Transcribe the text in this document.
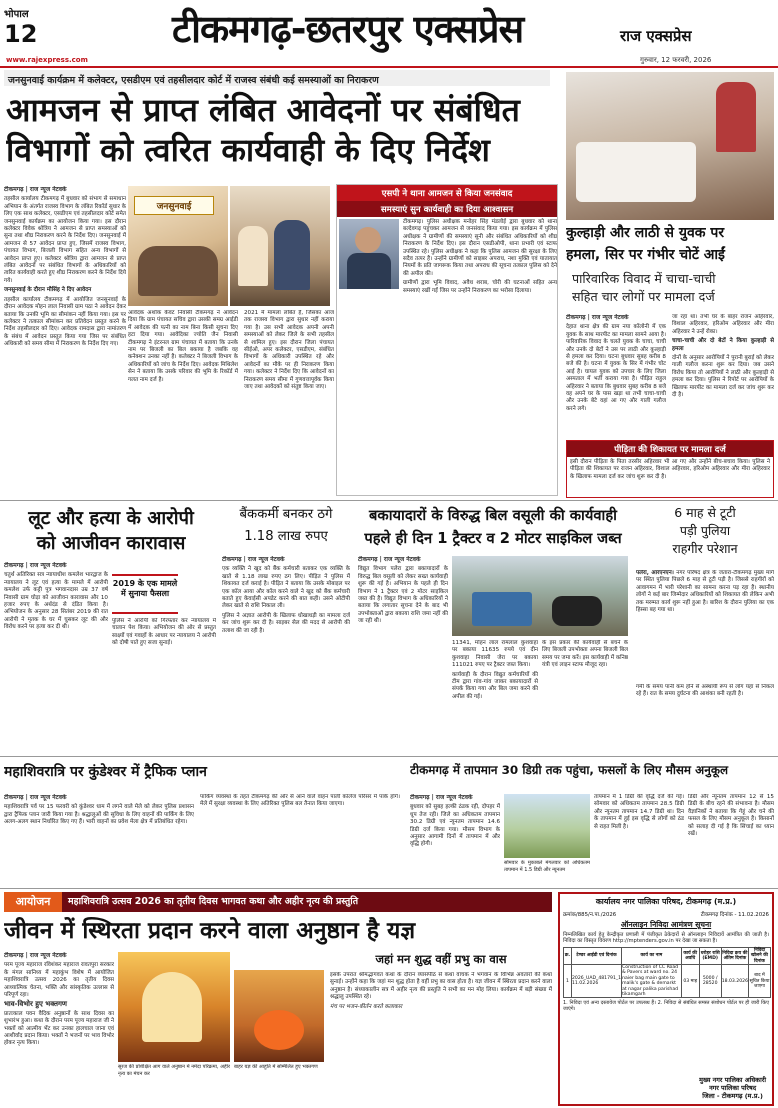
भोपाल
12	टीकमगढ़-छतरपुर एक्सप्रेस	राज एक्सप्रेस
www.rajexpress.com	गुरुवार, 12 फरवरी, 2026
जनसुनवाई कार्यक्रम में कलेक्टर, एसडीएम एवं तहसीलदार कोर्ट में राजस्व संबंधी कई समस्याओं का निराकरण
आमजन से प्राप्त लंबित आवेदनों पर संबंधित
विभागों को त्वरित कार्यवाही के दिए निर्देश
टीकमगढ़ | राज न्यूज नेटवर्क

तहसील कार्यालय टीकमगढ़ में बुधवार को संभाग से समाधान अभियान के अंतर्गत राजस्व विभाग के लंबित रिकॉर्ड सुधार के लिए एक साथ कलेक्टर, एसडीएम एवं तहसीलदार कोर्ट समेत जनसुनवाई कार्यक्रम का आयोजन किया गया। इस दौरान कलेक्टर विवेक श्रोत्रिय ने आमजन से प्राप्त समस्याओं को सुना तथा शीघ्र निराकरण करने के निर्देश दिए। जनसुनवाई में आमजन से 57 आवेदन प्राप्त हुए, जिसमें राजस्व विभाग, पंचायत विभाग, बिजली विभाग सहित अन्य विभागों से आवेदन प्राप्त हुए। कलेक्टर श्रोत्रिय द्वारा आमजन से प्राप्त लंबित आवेदनों पर संबंधित विभागों के अधिकारियों को त्वरित कार्यवाही करते हुए शीघ्र निराकरण करने के निर्देश दिये गये।

जनसुनवाई के दौरान मौसिंह ने दिए आवेदन

तहसील कार्यालय टीकमगढ़ में आयोजित जनसुनवाई के दौरान आवेदक मोहन लाल निवासी ग्राम पठा ने आवेदन देकर बताया कि उनकी भूमि का सीमांकन नहीं किया गया। इस पर कलेक्टर ने तत्काल सीमांकन कर प्रतिवेदन प्रस्तुत करने के निर्देश तहसीलदार को दिए। आवेदक रामदास द्वारा नामांतरण के संबंध में आवेदन प्रस्तुत किया गया जिस पर संबंधित अधिकारी को समय सीमा में निराकरण के निर्देश दिए गए।

जनसुनवाई

आवेदक अशोक केवट निवासी टीकमगढ़ ने आवेदन दिया कि ग्राम पंचायत सचिव द्वारा उसकी समग्र आईडी में आवेदक की पत्नी का नाम बिना किसी सूचना दिए हटा दिया गया। आवेदिका ज्योति जैन निवासी टीकमगढ़ ने इंटरनल ग्राम पंचायत में बताया कि उनके नाम पर बिजली का बिल बकाया है जबकि वह कनेक्शन उनका नहीं है। कलेक्टर ने बिजली विभाग के अधिकारियों को जांच के निर्देश दिए। आवेदक मिथिलेश सेन ने बताया कि उसके परिवार की भूमि के रिकॉर्ड में गलत नाम दर्ज है।

2021 में मामला लंबित है, जिसका आज तक राजस्व विभाग द्वारा सुधार नहीं कराया गया है। उस सभी आवेदक अपनी अपनी समस्याओं को लेकर जिले के सभी तहसील से शामिल हुए। इस दौरान जिला पंचायत सीईओ, अपर कलेक्टर, एसडीएम, संबंधित विभागों के अधिकारी उपस्थित रहे और आवेदनों का मौके पर ही निराकरण किया गया। कलेक्टर ने निर्देश दिए कि आवेदनों का निराकरण समय सीमा में गुणवत्तापूर्वक किया जाए तथा आवेदकों को संतुष्ट किया जाए।

एसपी ने थाना आमजन से किया जनसंवाद
समस्याएं सुन कार्यवाही का दिया आश्वासन

टीकमगढ़। पुलिस अधीक्षक मनोहर सिंह मंडलोई द्वारा बुधवार को थाना बल्देवगढ़ पहुंचकर आमजन से जनसंवाद किया गया। इस कार्यक्रम में पुलिस अधीक्षक ने ग्रामीणों की समस्याएं सुनी और संबंधित अधिकारियों को शीघ्र निराकरण के निर्देश दिए। इस दौरान एसडीओपी, थाना प्रभारी एवं स्टाफ उपस्थित रहे। पुलिस अधीक्षक ने कहा कि पुलिस आमजन की सुरक्षा के लिए सदैव तत्पर है। उन्होंने ग्रामीणों को साइबर अपराध, नशा मुक्ति एवं यातायात नियमों के प्रति जागरूक किया तथा अपराध की सूचना तत्काल पुलिस को देने की अपील की।

ग्रामीणों द्वारा भूमि विवाद, अवैध शराब, चोरी की घटनाओं सहित अन्य समस्याएं रखीं गईं जिस पर उन्होंने निराकरण का भरोसा दिलाया।

कुल्हाड़ी और लाठी से युवक पर
हमला, सिर पर गंभीर चोटें आईं
पारिवारिक विवाद में चाचा-चाची
सहित चार लोगों पर मामला दर्ज
टीकमगढ़ | राज न्यूज नेटवर्क

देहात थाना क्षेत्र की ग्राम नया कॉलोनी में एक युवक के साथ मारपीट का मामला सामने आया है। पारिवारिक विवाद के चलते युवक के चाचा, चाची और उनके दो बेटों ने उस पर लाठी और कुल्हाड़ी से हमला कर दिया। घटना बुधवार सुबह करीब 8 बजे की है। घटना में युवक के सिर में गंभीर चोट आई है। घायल युवक को उपचार के लिए जिला अस्पताल में भर्ती कराया गया है। पीड़ित राहुल अहिरवार ने बताया कि बुधवार सुबह करीब 8 बजे वह अपने घर के पास खड़ा था तभी चाचा-चाची और उनके बेटे वहां आ गए और गाली गलौज करने लगे।

जा रहा था। तभी घर के बाहर राजन अहिरवार, विशाल अहिरवार, हरिओम अहिरवार और मीरा अहिरवार ने उन्हें रोका।

चाचा-चाची और दो बेटों ने किया कुल्हाड़ी से हमला

दोनों के अनुसार आरोपियों ने पुरानी बुराई को लेकर गाली गलौज करना शुरू कर दिया। जब उसने विरोध किया तो आरोपियों ने लाठी और कुल्हाड़ी से हमला कर दिया। पुलिस ने रिपोर्ट पर आरोपियों के खिलाफ मारपीट का मामला दर्ज कर जांच शुरू कर दी है।

पीड़िता की शिकायत पर मामला दर्ज
इसी दौरान पीड़िता के पिता तरसीर अहिरवार भी आ गए और उन्होंने बीच-बचाव किया। पुलिस ने पीड़िता की शिकायत पर राजन अहिरवार, विशाल अहिरवार, हरिओम अहिरवार और मीरा अहिरवार के खिलाफ मामला दर्ज कर जांच शुरू कर दी है।
लूट और हत्या के आरोपी
को आजीवन कारावास
टीकमगढ़ | राज न्यूज नेटवर्क

चतुर्थ अतिरिक्त सत्र न्यायाधीश कमलेश भारद्वाज के न्यायालय ने लूट एवं हत्या के मामले में आरोपी कमलेश उर्फ कट्टी पुत्र भगवानदास उम्र 37 वर्ष निवासी ग्राम घोड़ा को आजीवन कारावास और 10 हजार रुपए के अर्थदंड से दंडित किया है। अभियोजन के अनुसार 28 सितंबर 2019 की रात आरोपी ने मृतक के घर में घुसकर लूट की और विरोध करने पर हत्या कर दी थी।

2019 के एक मामले में सुनाया फैसला

पुलिस ने आरोपी को गिरफ्तार कर न्यायालय में चालान पेश किया। अभियोजन की ओर से प्रस्तुत साक्ष्यों एवं गवाहों के आधार पर न्यायालय ने आरोपी को दोषी पाते हुए सजा सुनाई।

बैंककर्मी बनकर ठगे
1.18 लाख रुपए
टीकमगढ़ | राज न्यूज नेटवर्क

एक व्यक्ति ने खुद को बैंक कर्मचारी बताकर एक व्यक्ति के खाते से 1.18 लाख रुपए ठग लिए। पीड़ित ने पुलिस में शिकायत दर्ज कराई है। पीड़ित ने बताया कि उसके मोबाइल पर एक कॉल आया और कॉल करने वाले ने खुद को बैंक कर्मचारी बताते हुए केवाईसी अपडेट करने की बात कही। उसने ओटीपी लेकर खाते से राशि निकाल ली।

पुलिस ने अज्ञात आरोपी के खिलाफ धोखाधड़ी का मामला दर्ज कर जांच शुरू कर दी है। साइबर सेल की मदद से आरोपी की तलाश की जा रही है।

बकायादारों के विरुद्ध बिल वसूली की कार्यवाही
पहले ही दिन 1 ट्रैक्टर व 2 मोटर साइकिल जब्त
टीकमगढ़ | राज न्यूज नेटवर्क

विद्युत विभाग पलेरा द्वारा बकायादारों के विरुद्ध बिल वसूली को लेकर सख्त कार्यवाही शुरू की गई है। अभियान के पहले ही दिन विभाग ने 1 ट्रैक्टर एवं 2 मोटर साइकिल जब्त की है। विद्युत विभाग के अधिकारियों ने बताया कि लगातार सूचना देने के बाद भी उपभोक्ताओं द्वारा बकाया राशि जमा नहीं की जा रही थी।

11341, मोहन लाल रामलाल कुशवाहा पर बकाया 11635 रुपये एवं दीन कुशवाहा निवासी जेरा पर बकाया 111021 रुपए पर ट्रैक्टर जब्त किया।

कार्यवाही के दौरान विद्युत कर्मचारियों की टीम द्वारा गांव-गांव जाकर बकायादारों से संपर्क किया गया और बिल जमा करने की अपील की गई।

के इस प्रकार की कार्यवाही से बचने के लिए बिजली उपभोक्ता अपना बिजली बिल समय पर जमा करें। इस कार्यवाही में कनिष्ठ यंत्री एवं लाइन स्टाफ मौजूद रहा।

6 माह से टूटी
पड़ी पुलिया
राहगीर परेशान
पलेरा, आरएनएन। नगर परिषद क्षेत्र के जतारा-टीकमगढ़ मुख्य मार्ग पर स्थित पुलिया पिछले 6 माह से टूटी पड़ी है। जिससे राहगीरों को आवागमन में भारी परेशानी का सामना करना पड़ रहा है। स्थानीय लोगों ने कई बार जिम्मेदार अधिकारियों को शिकायत की लेकिन अभी तक मरम्मत कार्य शुरू नहीं हुआ है। बारिश के दौरान पुलिया का एक हिस्सा बह गया था।

गर्मी के समय पानी कम होने से अस्थायी रूप से लोग यहां से निकल रहे हैं। रात के समय दुर्घटना की आशंका बनी रहती है।

महाशिवरात्रि पर कुंडेश्वर में ट्रैफिक प्लान
टीकमगढ़ | राज न्यूज नेटवर्क

महाशिवरात्रि पर्व पर 15 फरवरी को कुंडेश्वर धाम में लगने वाले मेले को लेकर पुलिस प्रशासन द्वारा ट्रैफिक प्लान जारी किया गया है। श्रद्धालुओं की सुविधा के लिए वाहनों की पार्किंग के लिए अलग-अलग स्थान निर्धारित किए गए हैं। भारी वाहनों का प्रवेश मेला क्षेत्र में प्रतिबंधित रहेगा।

पार्किंग व्यवस्था के तहत टीकमगढ़ की ओर से आने वाले वाहन पाली कॉलेज परिसर में पार्क होंगे। मेले में सुरक्षा व्यवस्था के लिए अतिरिक्त पुलिस बल तैनात किया जाएगा।

टीकमगढ़ में तापमान 30 डिग्री तक पहुंचा, फसलों के लिए मौसम अनुकूल
टीकमगढ़ | राज न्यूज नेटवर्क

बुधवार को सुबह हल्की ठंडक रही, दोपहर में धूप तेज रही। जिले का अधिकतम तापमान 30.2 डिग्री एवं न्यूनतम तापमान 14.6 डिग्री दर्ज किया गया। मौसम विभाग के अनुसार आगामी दिनों में तापमान में और वृद्धि होगी।

सोमवार के मुकाबले मंगलवार को अधिकतम तापमान में 1.5 डिग्री और न्यूनतम

तापमान में 1 डिग्री की वृद्धि दर्ज की गई। सोमवार को अधिकतम तापमान 28.5 डिग्री और न्यूनतम तापमान 14.7 डिग्री था। दिन के तापमान में हुई इस वृद्धि से लोगों को ठंड से राहत मिली है।

डिग्री और न्यूनतम तापमान 12 से 15 डिग्री के बीच रहने की संभावना है। मौसम वैज्ञानिकों ने बताया कि गेहूं और चने की फसल के लिए मौसम अनुकूल है। किसानों को सलाह दी गई है कि सिंचाई का ध्यान रखें।

आयोजन	महाशिवरात्रि उत्सव 2026 का तृतीय दिवस भागवत कथा और अहीर नृत्य की प्रस्तुति
जीवन में स्थिरता प्रदान करने वाला अनुष्ठान है यज्ञ
टीकमगढ़ | राज न्यूज नेटवर्क

परम पूज्य महाराज रविशंकर महाराज रावतपुरा सरकार के मंगल सानिध्य में महाकुंभ विशेष में आयोजित महाशिवरात्रि उत्सव 2026 का तृतीय दिवस आध्यात्मिक चेतना, भक्ति और सांस्कृतिक उल्लास से परिपूर्ण रहा।

भाव-विभोर हुए भक्तगण

प्रातःकाल पवन वैदिक अनुष्ठानों के साथ दिवस का शुभारंभ हुआ। कथा के दौरान परम पूज्य महाराज जी ने भक्तों को आत्मीय भेंट कर उनका हालचाल जाना एवं आशीर्वाद प्रदान किया। भक्तों ने भजनों पर भाव विभोर होकर नृत्य किया।

सूरज की प्रशिक्षित आग वाले अनुष्ठान में नर्मदा परिक्रमा, अहीर नृत्य का मंचन कर
बाहर यज्ञ की आहुति में सम्मिलित हुए भक्तगण
जहां मन शुद्ध वहीं प्रभु का वास

इसके उपरांत श्रीमद्भागवत कथा के दौरान व्यासपीठ से कथा वाचक ने भगवान के विभिन्न अवतारों की कथा सुनाई। उन्होंने कहा कि जहां मन शुद्ध होता है वहीं प्रभु का वास होता है। यज्ञ जीवन में स्थिरता प्रदान करने वाला अनुष्ठान है। संध्याकालीन सत्र में अहीर नृत्य की प्रस्तुति ने सभी का मन मोह लिया। कार्यक्रम में बड़ी संख्या में श्रद्धालु उपस्थित रहे।

मंच पर भजन-कीर्तन करते कलाकार

कार्यालय नगर पालिका परिषद, टीकमगढ़ (म.प्र.)
क्रमांक/885/न.पा./2026	टीकमगढ़ दिनांक - 11.02.2026
ऑनलाइन निविदा आमंत्रण सूचना
निम्नलिखित कार्य हेतु केन्द्रीकृत प्रणाली में पंजीकृत ठेकेदारों से ऑनलाइन निविदायें आमंत्रित की जाती है। निविदा का विस्तृत विवरण http://mptenders.gov.in पर देखा जा सकता है।
क्र.	टेण्डर आईडी एवं दिनांक	कार्य का नाम	कार्य की अवधि	धरोहर राशि (EMD)	निविदा क्रय की अंतिम दिनांक	निविदा खोलने की दिनांक
1	2026_UAD_481791_1 11.02.2026	Construction of CC Road & Pavers at ward no. 24 naier bag main gate to malik's gate & demarkt at nagar palika parishad tikamgarh	03 माह	5000 / 28520	18.03.2026	बाद में सूचित किया जाएगा
1. निविदा एवं अन्य दस्तावेज पोर्टल पर उपलब्ध हैं। 2. निविदा से संबंधित समस्त संशोधन पोर्टल पर ही जारी किए जाएंगे।
मुख्य नगर पालिका अधिकारी
नगर पालिका परिषद
जिला - टीकमगढ़ (म.प्र.)
